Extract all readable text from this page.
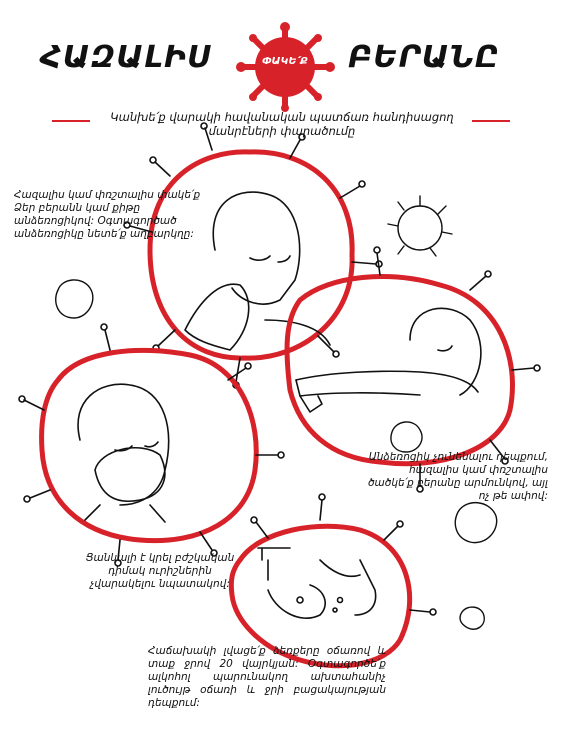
ՀԱԶԱԼԻՍ	ՓԱԿԵ՛Ք ԲԵՐԱՆԸ
Կանխե՛ք վարակի հավանական պատճառ հանդիսացող մանրէների փարածումը
Հազալիս կամ փռշտալիս փակե՛ք Ձեր բերանն կամ քիթը անձեռոցիկով: Օգտագործած անձեռոցիկը նետե՛ք աղբարկղը:
Անձեռոցիկ չունենալու դեպքում, հազալիս կամ փռշտալիս ծածկե՛ք բերանը արմունկով, այլ ոչ թե ափով:
Ցանկալի է կրել բժշկական դիմակ ուրիշներին չվարակելու նպատակով:
Հաճախակի լվացե՛ք ձեռքերը օճառով և տաք ջրով 20 վայրկյան: Օգտագործե՛ք ալկոհոլ պարունակող ախտահանիչ լուծույթ օճառի և ջրի բացակայության դեպքում:
